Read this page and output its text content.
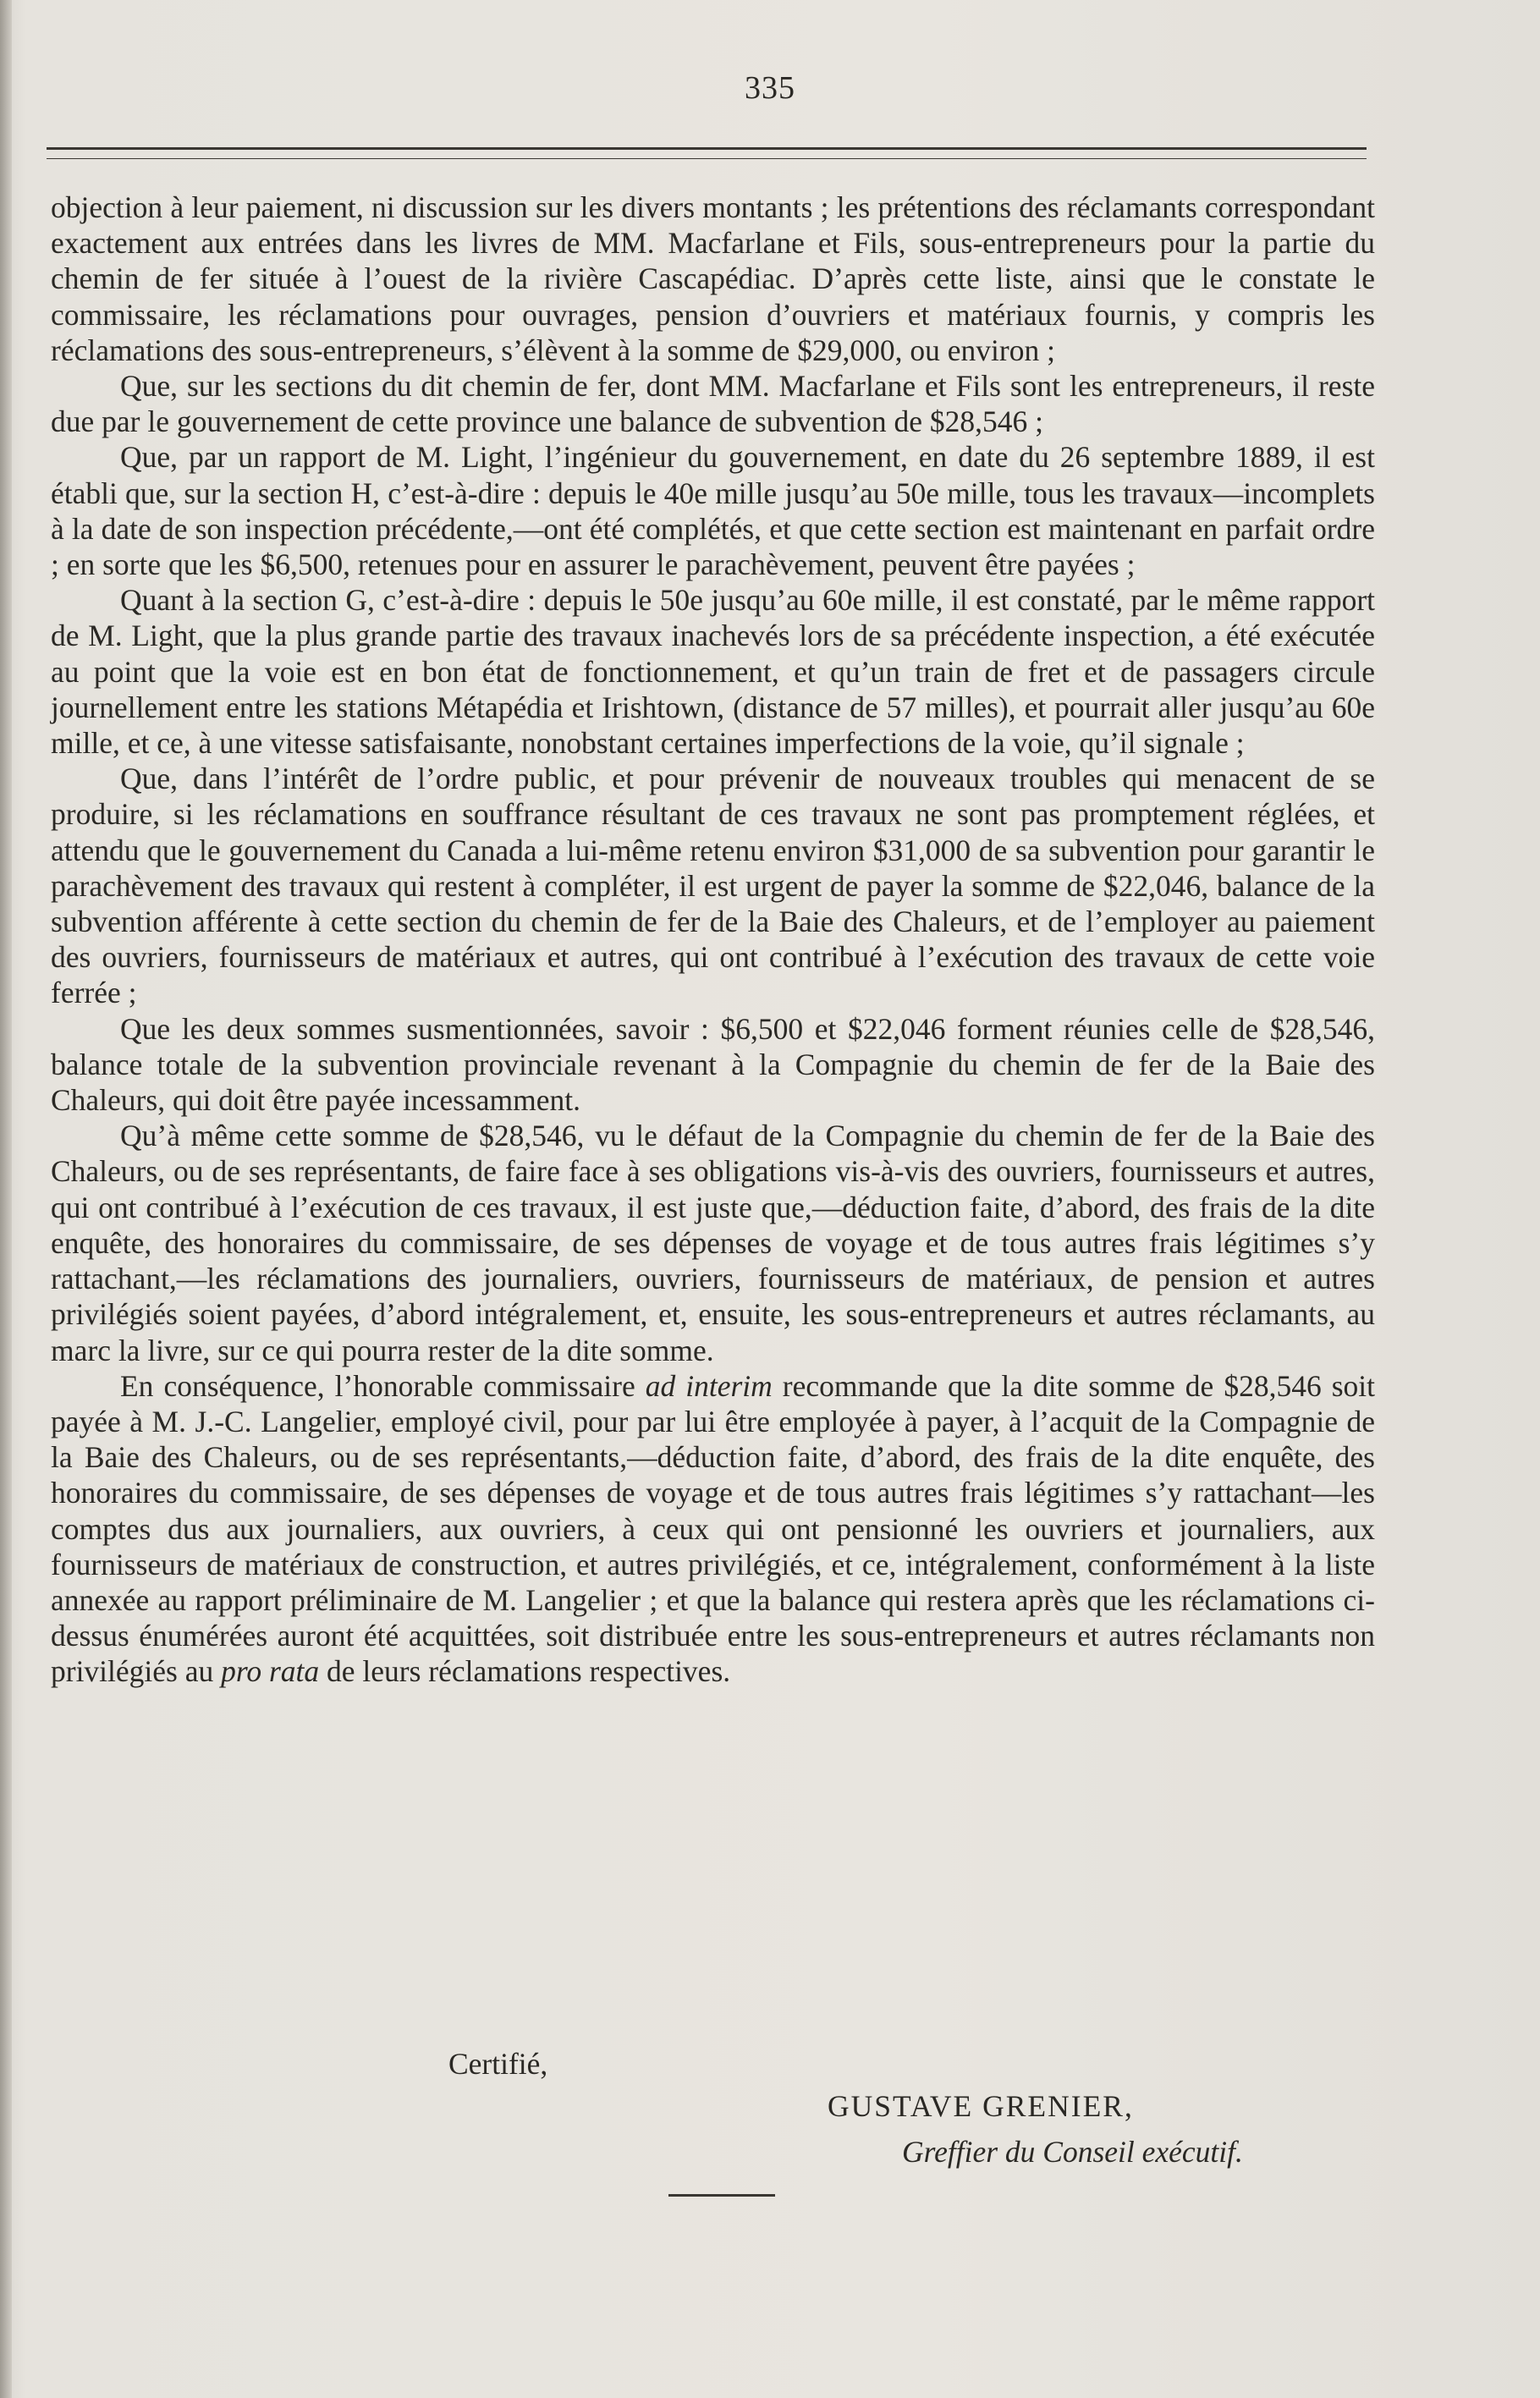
335

objection à leur paiement, ni discussion sur les divers montants ; les prétentions des réclamants correspondant exactement aux entrées dans les livres de MM. Macfarlane et Fils, sous-entrepreneurs pour la partie du chemin de fer située à l’ouest de la rivière Cascapédiac. D’après cette liste, ainsi que le constate le commissaire, les réclamations pour ouvrages, pension d’ouvriers et matériaux fournis, y compris les réclamations des sous-entrepreneurs, s’élèvent à la somme de $29,000, ou environ ;

Que, sur les sections du dit chemin de fer, dont MM. Macfarlane et Fils sont les entrepreneurs, il reste due par le gouvernement de cette province une balance de subvention de $28,546 ;

Que, par un rapport de M. Light, l’ingénieur du gouvernement, en date du 26 septembre 1889, il est établi que, sur la section H, c’est-à-dire : depuis le 40e mille jusqu’au 50e mille, tous les travaux—incomplets à la date de son inspection précédente,—ont été complétés, et que cette section est maintenant en parfait ordre ; en sorte que les $6,500, retenues pour en assurer le parachèvement, peuvent être payées ;

Quant à la section G, c’est-à-dire : depuis le 50e jusqu’au 60e mille, il est constaté, par le même rapport de M. Light, que la plus grande partie des travaux inachevés lors de sa précédente inspection, a été exécutée au point que la voie est en bon état de fonctionnement, et qu’un train de fret et de passagers circule journellement entre les stations Métapédia et Irishtown, (distance de 57 milles), et pourrait aller jusqu’au 60e mille, et ce, à une vitesse satisfaisante, nonobstant certaines imperfections de la voie, qu’il signale ;

Que, dans l’intérêt de l’ordre public, et pour prévenir de nouveaux troubles qui menacent de se produire, si les réclamations en souffrance résultant de ces travaux ne sont pas promptement réglées, et attendu que le gouvernement du Canada a lui-même retenu environ $31,000 de sa subvention pour garantir le parachèvement des travaux qui restent à compléter, il est urgent de payer la somme de $22,046, balance de la subvention afférente à cette section du chemin de fer de la Baie des Chaleurs, et de l’employer au paiement des ouvriers, fournisseurs de matériaux et autres, qui ont contribué à l’exécution des travaux de cette voie ferrée ;

Que les deux sommes susmentionnées, savoir : $6,500 et $22,046 forment réunies celle de $28,546, balance totale de la subvention provinciale revenant à la Compagnie du chemin de fer de la Baie des Chaleurs, qui doit être payée incessamment.

Qu’à même cette somme de $28,546, vu le défaut de la Compagnie du chemin de fer de la Baie des Chaleurs, ou de ses représentants, de faire face à ses obligations vis-à-vis des ouvriers, fournisseurs et autres, qui ont contribué à l’exécution de ces travaux, il est juste que,—déduction faite, d’abord, des frais de la dite enquête, des honoraires du commissaire, de ses dépenses de voyage et de tous autres frais légitimes s’y rattachant,—les réclamations des journaliers, ouvriers, fournisseurs de matériaux, de pension et autres privilégiés soient payées, d’abord intégralement, et, ensuite, les sous-entrepreneurs et autres réclamants, au marc la livre, sur ce qui pourra rester de la dite somme.

En conséquence, l’honorable commissaire ad interim recommande que la dite somme de $28,546 soit payée à M. J.-C. Langelier, employé civil, pour par lui être employée à payer, à l’acquit de la Compagnie de la Baie des Chaleurs, ou de ses représentants,—déduction faite, d’abord, des frais de la dite enquête, des honoraires du commissaire, de ses dépenses de voyage et de tous autres frais légitimes s’y rattachant—les comptes dus aux journaliers, aux ouvriers, à ceux qui ont pensionné les ouvriers et journaliers, aux fournisseurs de matériaux de construction, et autres privilégiés, et ce, intégralement, conformément à la liste annexée au rapport préliminaire de M. Langelier ; et que la balance qui restera après que les réclamations ci-dessus énumérées auront été acquittées, soit distribuée entre les sous-entrepreneurs et autres réclamants non privilégiés au pro rata de leurs réclamations respectives.

Certifié,
GUSTAVE GRENIER,
Greffier du Conseil exécutif.
